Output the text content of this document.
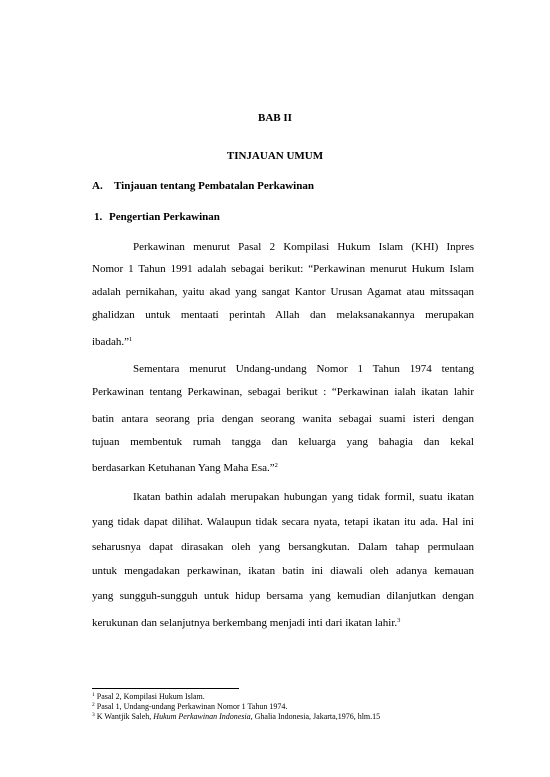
BAB II
TINJAUAN UMUM
A. Tinjauan tentang Pembatalan Perkawinan
1. Pengertian Perkawinan
Perkawinan menurut Pasal 2 Kompilasi Hukum Islam (KHI) Inpres
Nomor 1 Tahun 1991 adalah sebagai berikut: “Perkawinan menurut Hukum Islam
adalah pernikahan, yaitu akad yang sangat Kantor Urusan Agamat atau mitssaqan
ghalidzan untuk mentaati perintah Allah dan melaksanakannya merupakan
ibadah.”$^1$
Sementara menurut Undang-undang Nomor 1 Tahun 1974 tentang
Perkawinan tentang Perkawinan, sebagai berikut : “Perkawinan ialah ikatan lahir
batin antara seorang pria dengan seorang wanita sebagai suami isteri dengan
tujuan membentuk rumah tangga dan keluarga yang bahagia dan kekal
berdasarkan Ketuhanan Yang Maha Esa.”$^2$
Ikatan bathin adalah merupakan hubungan yang tidak formil, suatu ikatan
yang tidak dapat dilihat. Walaupun tidak secara nyata, tetapi ikatan itu ada. Hal ini
seharusnya dapat dirasakan oleh yang bersangkutan. Dalam tahap permulaan
untuk mengadakan perkawinan, ikatan batin ini diawali oleh adanya kemauan
yang sungguh-sungguh untuk hidup bersama yang kemudian dilanjutkan dengan
kerukunan dan selanjutnya berkembang menjadi inti dari ikatan lahir.$^3$
$^1$ Pasal 2, Kompilasi Hukum Islam.
$^2$ Pasal 1, Undang-undang Perkawinan Nomor 1 Tahun 1974.
$^3$ K Wantjik Saleh, Hukum Perkawinan Indonesia, Ghalia Indonesia, Jakarta,1976, hlm.15
